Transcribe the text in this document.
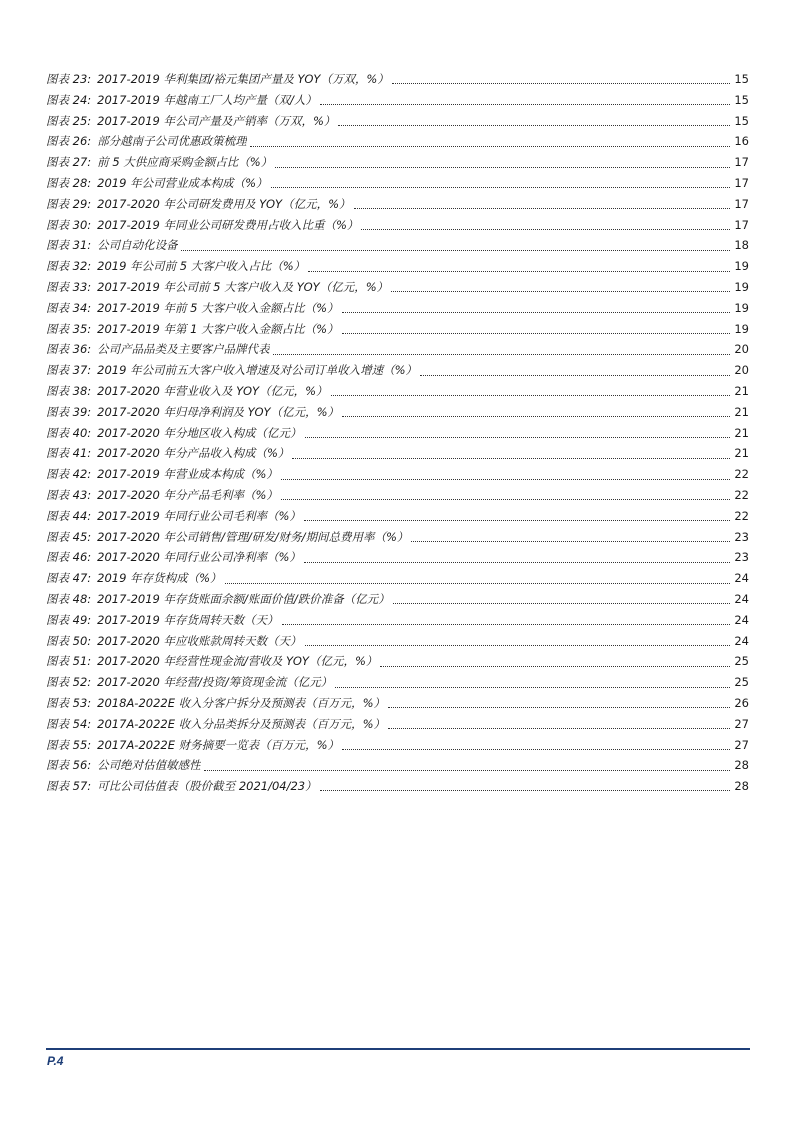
图表 23: 2017-2019 华利集团/裕元集团产量及 YOY（万双，%）	15
图表 24: 2017-2019 年越南工厂人均产量（双/人）	15
图表 25: 2017-2019 年公司产量及产销率（万双，%）	15
图表 26: 部分越南子公司优惠政策梳理	16
图表 27: 前 5 大供应商采购金额占比（%）	17
图表 28: 2019 年公司营业成本构成（%）	17
图表 29: 2017-2020 年公司研发费用及 YOY（亿元，%）	17
图表 30: 2017-2019 年同业公司研发费用占收入比重（%）	17
图表 31: 公司自动化设备	18
图表 32: 2019 年公司前 5 大客户收入占比（%）	19
图表 33: 2017-2019 年公司前 5 大客户收入及 YOY（亿元，%）	19
图表 34: 2017-2019 年前 5 大客户收入金额占比（%）	19
图表 35: 2017-2019 年第 1 大客户收入金额占比（%）	19
图表 36: 公司产品品类及主要客户品牌代表	20
图表 37: 2019 年公司前五大客户收入增速及对公司订单收入增速（%）	20
图表 38: 2017-2020 年营业收入及 YOY（亿元，%）	21
图表 39: 2017-2020 年归母净利润及 YOY（亿元，%）	21
图表 40: 2017-2020 年分地区收入构成（亿元）	21
图表 41: 2017-2020 年分产品收入构成（%）	21
图表 42: 2017-2019 年营业成本构成（%）	22
图表 43: 2017-2020 年分产品毛利率（%）	22
图表 44: 2017-2019 年同行业公司毛利率（%）	22
图表 45: 2017-2020 年公司销售/管理/研发/财务/期间总费用率（%）	23
图表 46: 2017-2020 年同行业公司净利率（%）	23
图表 47: 2019 年存货构成（%）	24
图表 48: 2017-2019 年存货账面余额/账面价值/跌价准备（亿元）	24
图表 49: 2017-2019 年存货周转天数（天）	24
图表 50: 2017-2020 年应收账款周转天数（天）	24
图表 51: 2017-2020 年经营性现金流/营收及 YOY（亿元，%）	25
图表 52: 2017-2020 年经营/投资/筹资现金流（亿元）	25
图表 53: 2018A-2022E 收入分客户拆分及预测表（百万元，%）	26
图表 54: 2017A-2022E 收入分品类拆分及预测表（百万元，%）	27
图表 55: 2017A-2022E 财务摘要一览表（百万元，%）	27
图表 56: 公司绝对估值敏感性	28
图表 57: 可比公司估值表（股价截至 2021/04/23）	28
P.4
